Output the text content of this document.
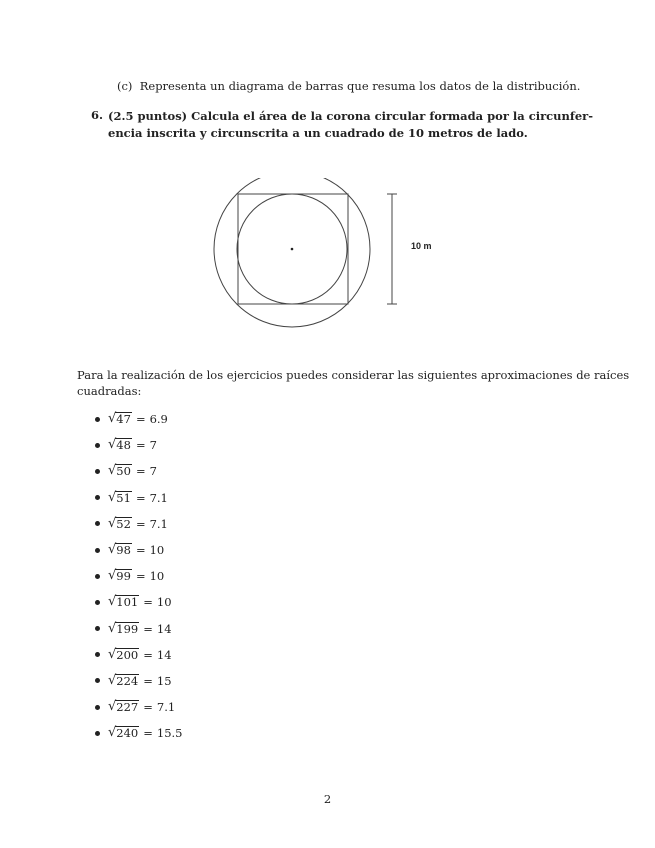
(c) Representa un diagrama de barras que resuma los datos de la distribución.
6. (2.5 puntos) Calcula el área de la corona circular formada por la circunfer-
encia inscrita y circunscrita a un cuadrado de 10 metros de lado.
10 m
Para la realización de los ejercicios puedes considerar las siguientes aproximaciones de raíces
cuadradas:
√ 47 = 6.9
√ 48 = 7
√ 50 = 7
√ 51 = 7.1
√ 52 = 7.1
√ 98 = 10
√ 99 = 10
√ 101 = 10
√ 199 = 14
√ 200 = 14
√ 224 = 15
√ 227 = 7.1
√ 240 = 15.5
2
